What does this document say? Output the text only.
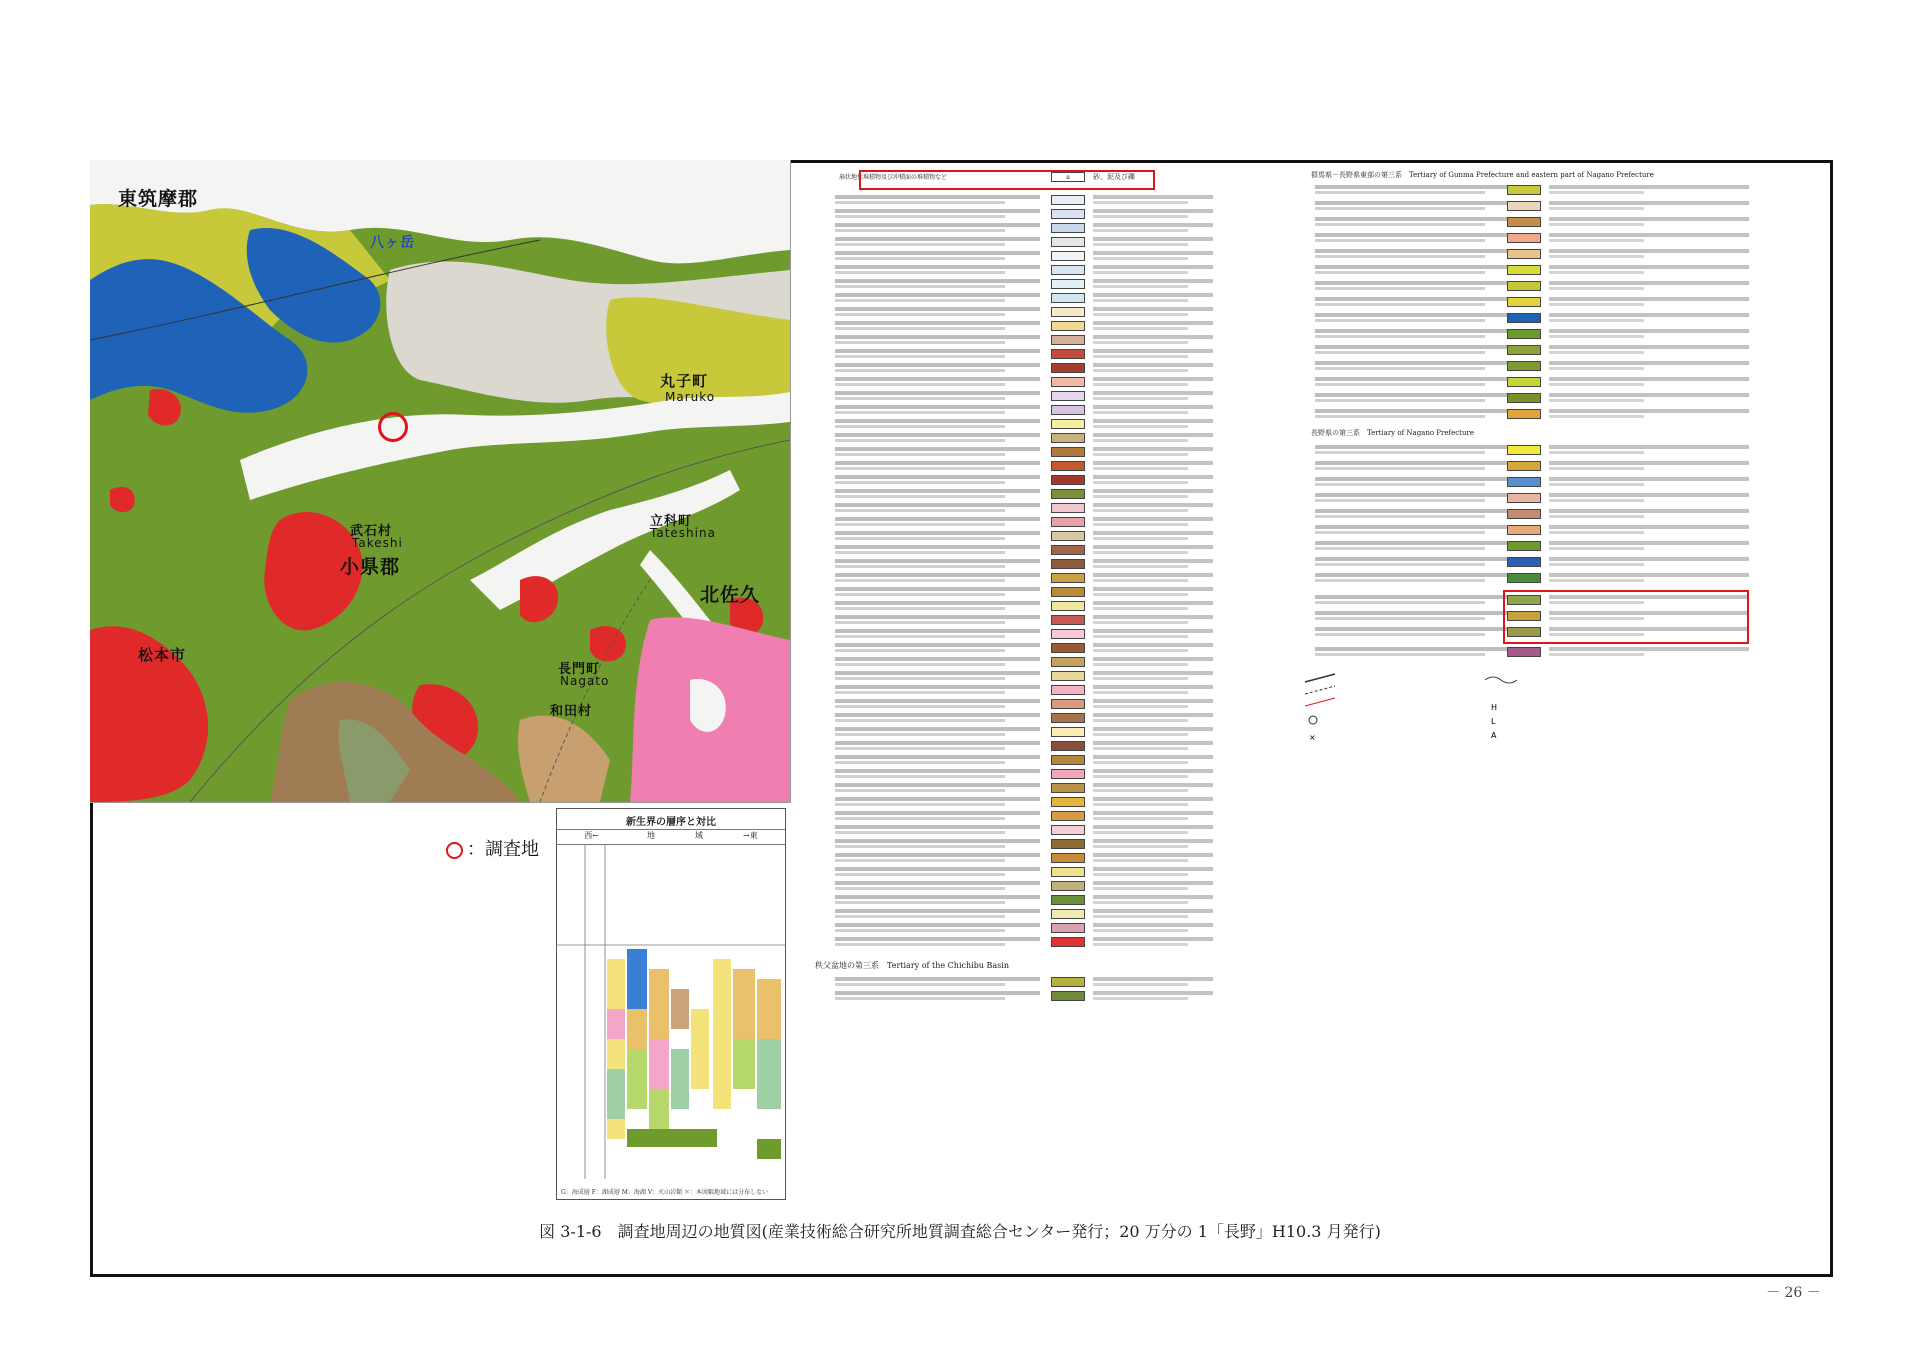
東筑摩郡
八ヶ岳
丸子町
Maruko
武石村
Takeshi
小県郡
立科町
Tateshina
北佐久
松本市
長門町
Nagato
和田村
：調査地
新生界の層序と対比
西←　　　　　　地　　　　　域　　　　　→東
G：海成層 F：湖成層 M：海湖 V：火山岩類 ＊：本図幅地域には分布しない
扇状地性堆積物及び沖積面の堆積物など	a	砂、泥及び礫
秩父盆地の第三系　Tertiary of the Chichibu Basin
群馬県－長野県東部の第三系　Tertiary of Gunma Prefecture and eastern part of Nagano Prefecture
長野県の第三系　Tertiary of Nagano Prefecture
×
H
L
A
図 3-1-6　調査地周辺の地質図(産業技術総合研究所地質調査総合センター発行；20 万分の 1「長野」H10.3 月発行)
－ 26 －
